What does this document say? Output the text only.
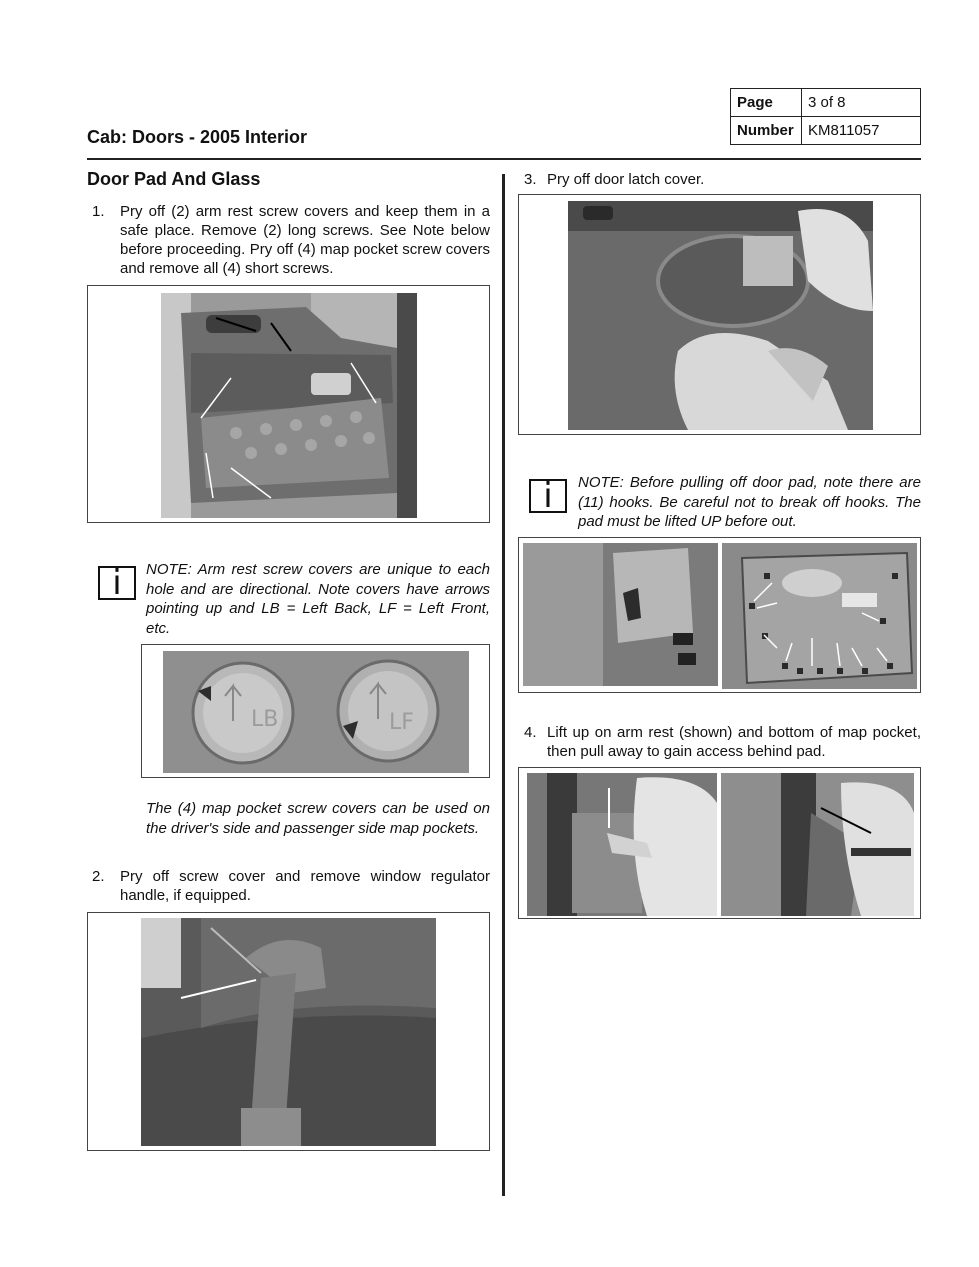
Page	3 of 8
Number	KM811057
Cab: Doors - 2005 Interior
Door Pad And Glass
1. Pry off (2) arm rest screw covers and keep them in a safe place. Remove (2) long screws. See Note below before proceeding. Pry off (4) map pocket screw covers and remove all (4) short screws.
i	NOTE: Arm rest screw covers are unique to each hole and are directional. Note covers have arrows pointing up and LB = Left Back, LF = Left Front, etc.
LB	LF
The (4) map pocket screw covers can be used on the driver's side and passenger side map pockets.
2. Pry off screw cover and remove window regulator handle, if equipped.
3. Pry off door latch cover.
i	NOTE: Before pulling off door pad, note there are (11) hooks. Be careful not to break off hooks. The pad must be lifted UP before out.
4. Lift up on arm rest (shown) and bottom of map pocket, then pull away to gain access behind pad.
